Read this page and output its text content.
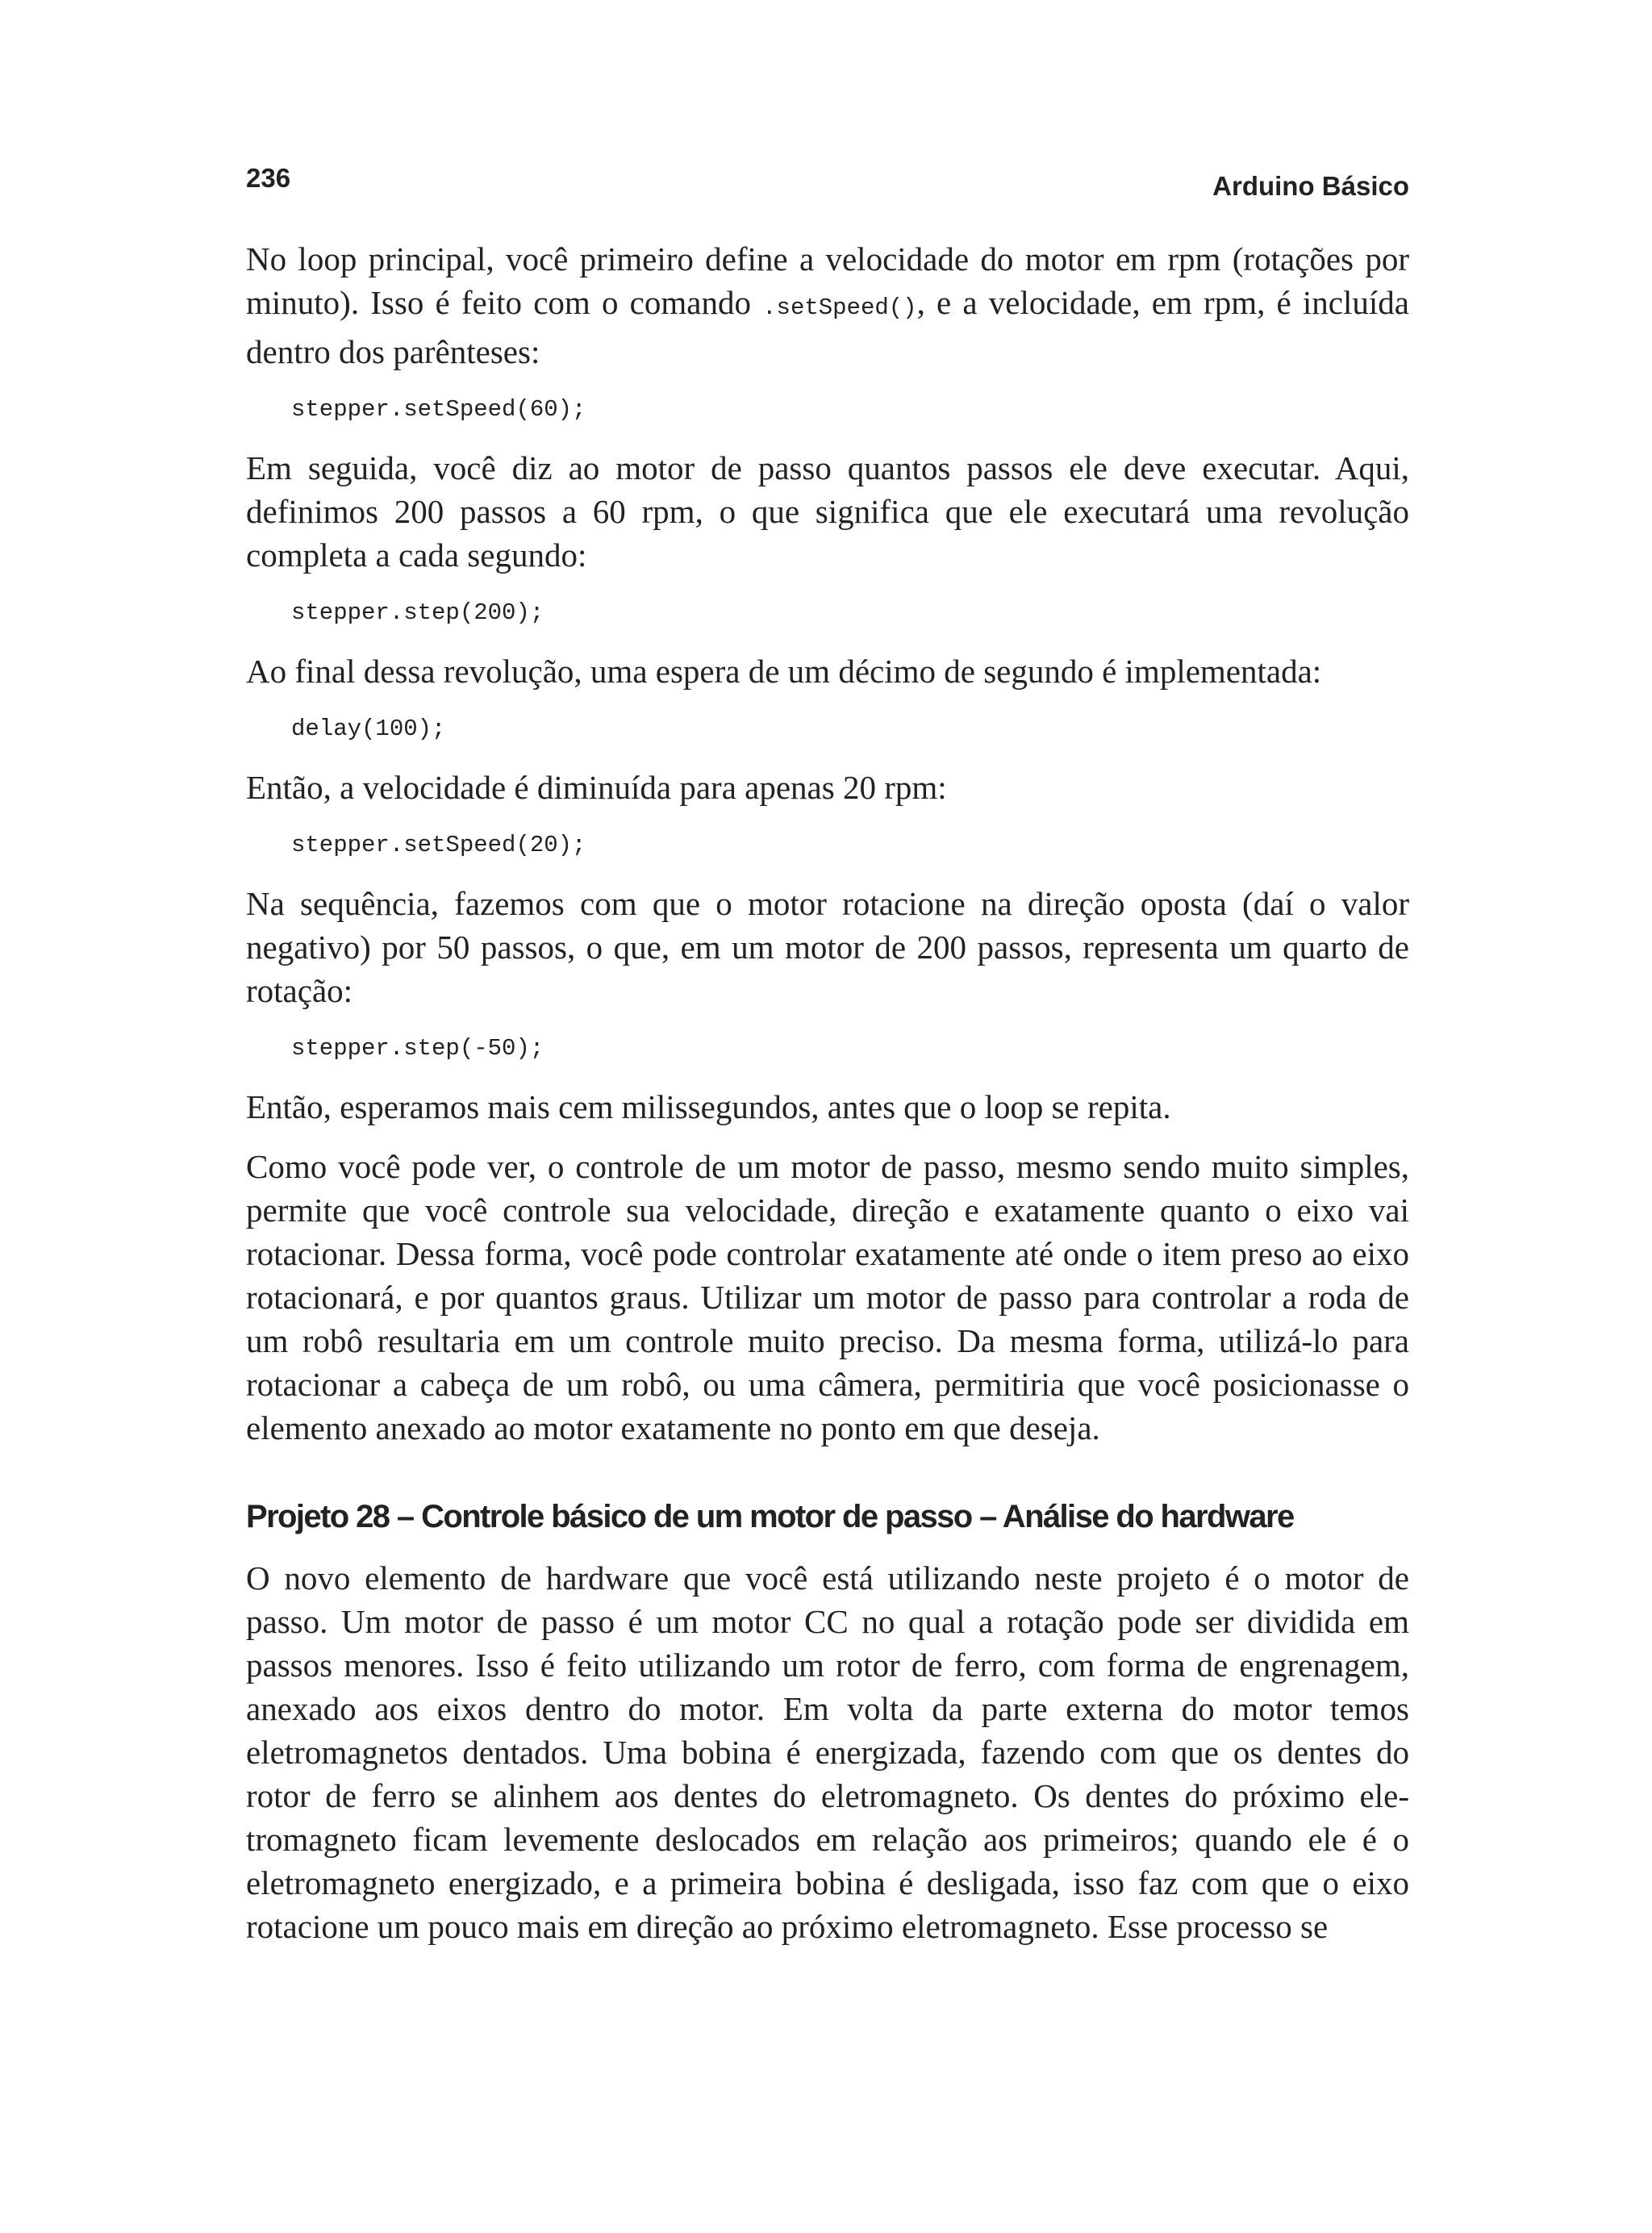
236	Arduino Básico

No loop principal, você primeiro define a velocidade do motor em rpm (rotações por minuto). Isso é feito com o comando .setSpeed(), e a velocidade, em rpm, é incluída dentro dos parênteses:

stepper.setSpeed(60);

Em seguida, você diz ao motor de passo quantos passos ele deve executar. Aqui, definimos 200 passos a 60 rpm, o que significa que ele executará uma revolução completa a cada segundo:

stepper.step(200);

Ao final dessa revolução, uma espera de um décimo de segundo é implementada:

delay(100);

Então, a velocidade é diminuída para apenas 20 rpm:

stepper.setSpeed(20);

Na sequência, fazemos com que o motor rotacione na direção oposta (daí o valor negativo) por 50 passos, o que, em um motor de 200 passos, representa um quarto de rotação:

stepper.step(-50);

Então, esperamos mais cem milissegundos, antes que o loop se repita.

Como você pode ver, o controle de um motor de passo, mesmo sendo muito simples, permite que você controle sua velocidade, direção e exatamente quanto o eixo vai rotacionar. Dessa forma, você pode controlar exatamente até onde o item preso ao eixo rotacionará, e por quantos graus. Utilizar um motor de passo para controlar a roda de um robô resultaria em um controle muito preciso. Da mesma forma, utilizá-lo para rotacionar a cabeça de um robô, ou uma câmera, permitiria que você posicionasse o elemento anexado ao motor exatamente no ponto em que deseja.

Projeto 28 – Controle básico de um motor de passo – Análise do hardware

O novo elemento de hardware que você está utilizando neste projeto é o motor de passo. Um motor de passo é um motor CC no qual a rotação pode ser dividida em passos menores. Isso é feito utilizando um rotor de ferro, com forma de engrenagem, anexado aos eixos dentro do motor. Em volta da parte externa do motor temos eletromagnetos dentados. Uma bobina é energizada, fazendo com que os dentes do rotor de ferro se alinhem aos dentes do eletromagneto. Os dentes do próximo ele-tromagneto ficam levemente deslocados em relação aos primeiros; quando ele é o eletromagneto energizado, e a primeira bobina é desligada, isso faz com que o eixo rotacione um pouco mais em direção ao próximo eletromagneto. Esse processo se
